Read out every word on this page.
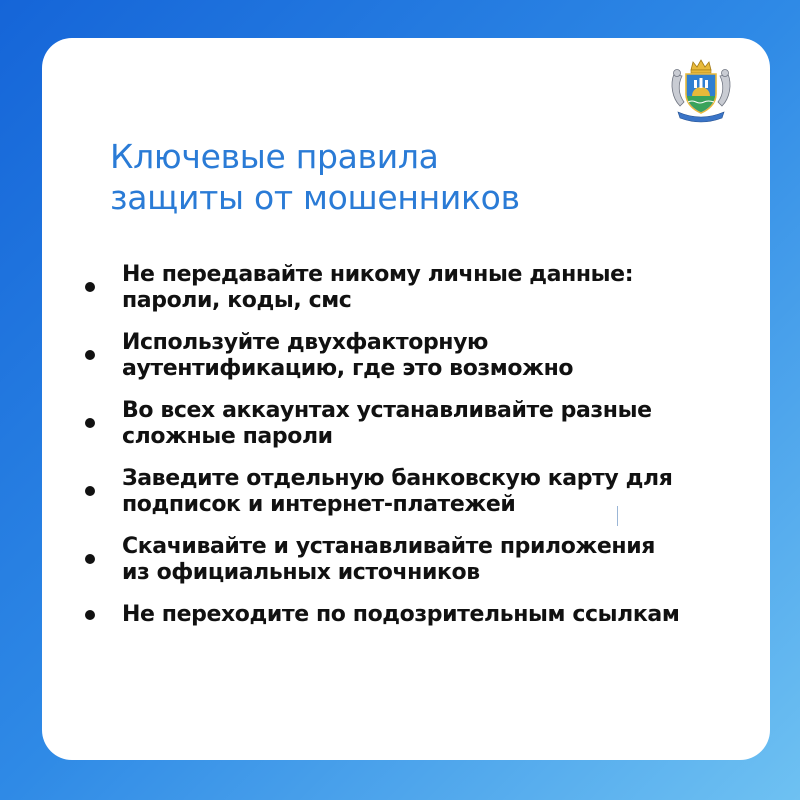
Ключевые правила
защиты от мошенников
Не передавайте никому личные данные:
пароли, коды, смс
Используйте двухфакторную
аутентификацию, где это возможно
Во всех аккаунтах устанавливайте разные
сложные пароли
Заведите отдельную банковскую карту для
подписок и интернет-платежей
Скачивайте и устанавливайте приложения
из официальных источников
Не переходите по подозрительным ссылкам
